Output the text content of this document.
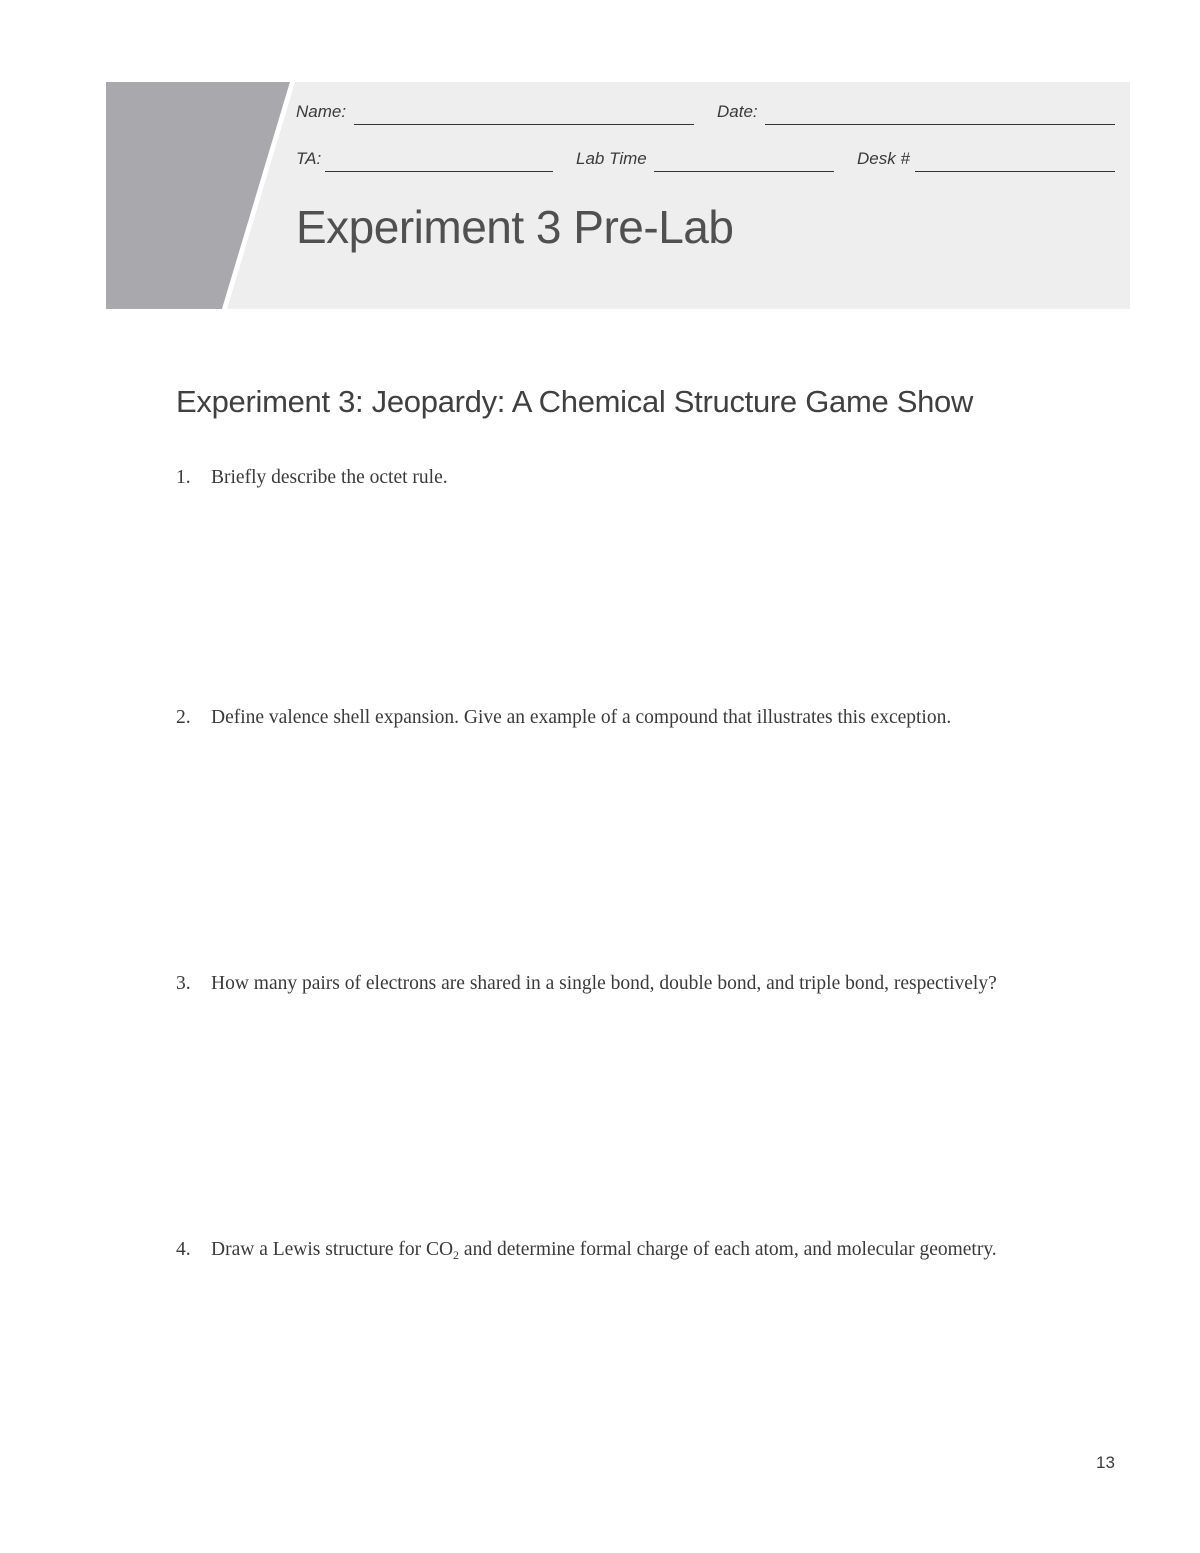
Name:	Date:
TA:	Lab Time	Desk #
Experiment 3 Pre-Lab
Experiment 3: Jeopardy: A Chemical Structure Game Show
1. Briefly describe the octet rule.
2. Define valence shell expansion. Give an example of a compound that illustrates this exception.
3. How many pairs of electrons are shared in a single bond, double bond, and triple bond, respectively?
4. Draw a Lewis structure for $CO_2$ and determine formal charge of each atom, and molecular geometry.
13
